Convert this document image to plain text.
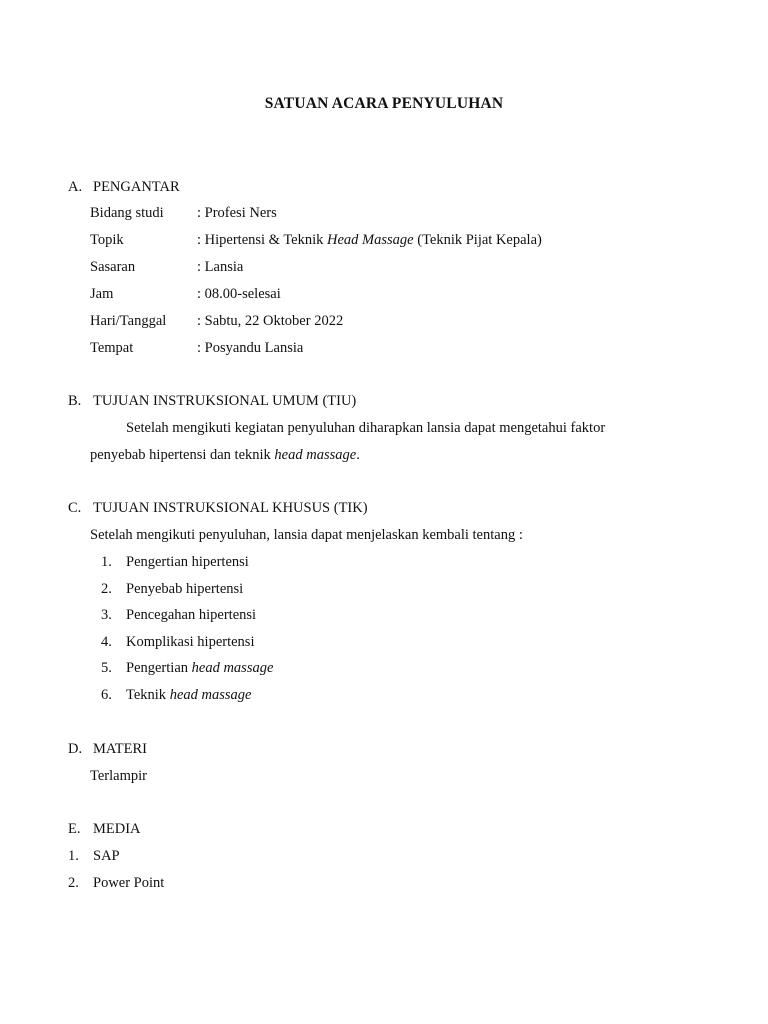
SATUAN ACARA PENYULUHAN
A. PENGANTAR
Bidang studi : Profesi Ners
Topik	: Hipertensi & Teknik Head Massage (Teknik Pijat Kepala)
Sasaran	: Lansia
Jam	: 08.00-selesai
Hari/Tanggal : Sabtu, 22 Oktober 2022
Tempat	: Posyandu Lansia
B. TUJUAN INSTRUKSIONAL UMUM (TIU)
Setelah mengikuti kegiatan penyuluhan diharapkan lansia dapat mengetahui faktor
penyebab hipertensi dan teknik head massage.
C. TUJUAN INSTRUKSIONAL KHUSUS (TIK)
Setelah mengikuti penyuluhan, lansia dapat menjelaskan kembali tentang :
1. Pengertian hipertensi
2. Penyebab hipertensi
3. Pencegahan hipertensi
4. Komplikasi hipertensi
5. Pengertian head massage
6. Teknik head massage
D. MATERI
Terlampir
E. MEDIA
1. SAP
2. Power Point
